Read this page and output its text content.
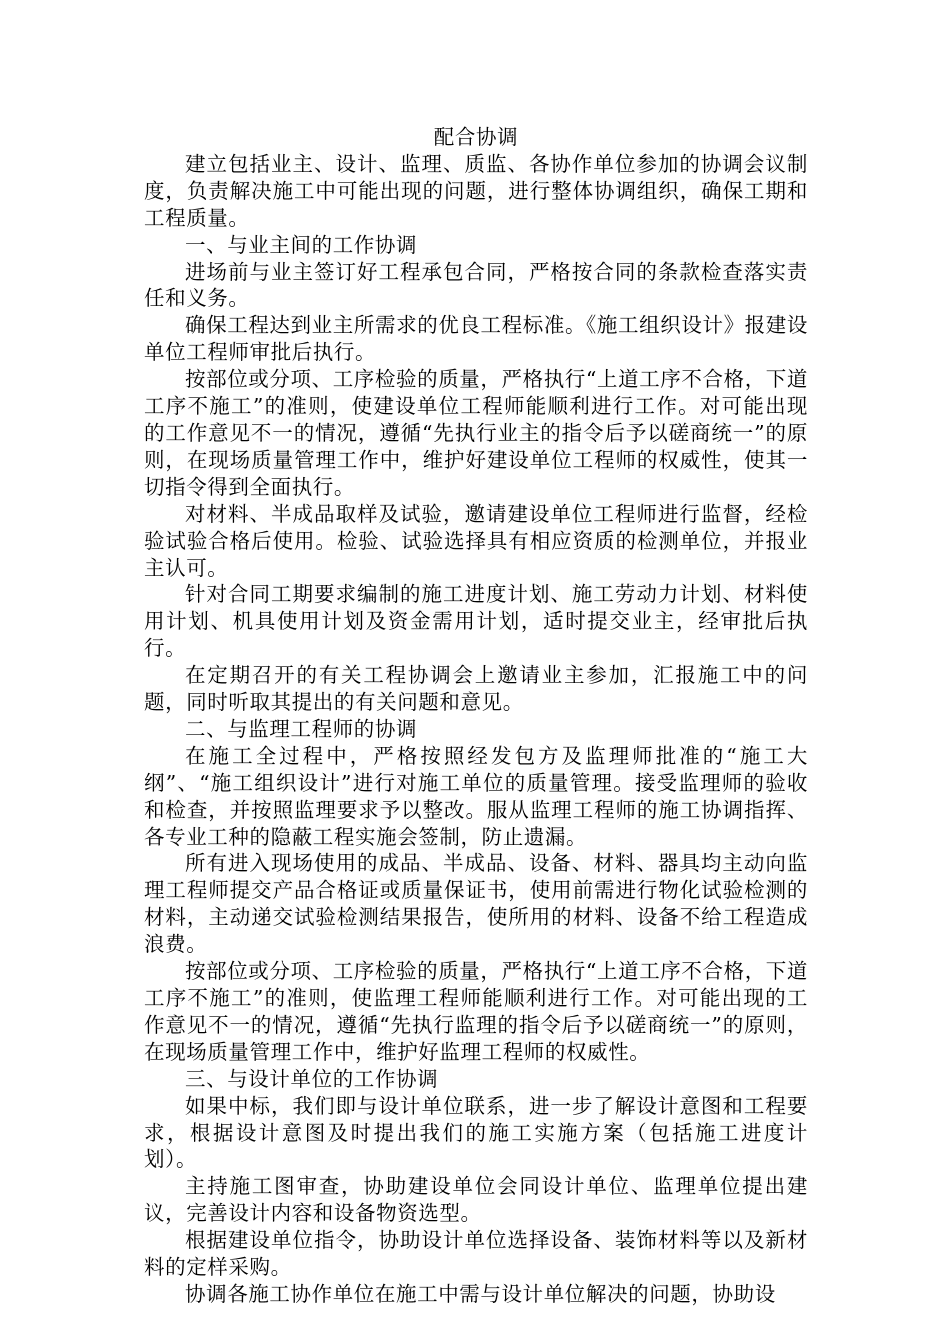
配合协调

建立包括业主、设计、监理、质监、各协作单位参加的协调会议制度，负责解决施工中可能出现的问题，进行整体协调组织，确保工期和工程质量。

一、与业主间的工作协调

进场前与业主签订好工程承包合同，严格按合同的条款检查落实责任和义务。

确保工程达到业主所需求的优良工程标准。《施工组织设计》报建设单位工程师审批后执行。

按部位或分项、工序检验的质量，严格执行“上道工序不合格，下道工序不施工”的准则，使建设单位工程师能顺利进行工作。对可能出现的工作意见不一的情况，遵循“先执行业主的指令后予以磋商统一”的原则，在现场质量管理工作中，维护好建设单位工程师的权威性，使其一切指令得到全面执行。

对材料、半成品取样及试验，邀请建设单位工程师进行监督，经检验试验合格后使用。检验、试验选择具有相应资质的检测单位，并报业主认可。

针对合同工期要求编制的施工进度计划、施工劳动力计划、材料使用计划、机具使用计划及资金需用计划，适时提交业主，经审批后执行。

在定期召开的有关工程协调会上邀请业主参加，汇报施工中的问题，同时听取其提出的有关问题和意见。

二、与监理工程师的协调

在施工全过程中，严格按照经发包方及监理师批准的“施工大纲”、“施工组织设计”进行对施工单位的质量管理。接受监理师的验收和检查，并按照监理要求予以整改。服从监理工程师的施工协调指挥、各专业工种的隐蔽工程实施会签制，防止遗漏。

所有进入现场使用的成品、半成品、设备、材料、器具均主动向监理工程师提交产品合格证或质量保证书，使用前需进行物化试验检测的材料，主动递交试验检测结果报告，使所用的材料、设备不给工程造成浪费。

按部位或分项、工序检验的质量，严格执行“上道工序不合格，下道工序不施工”的准则，使监理工程师能顺利进行工作。对可能出现的工作意见不一的情况，遵循“先执行监理的指令后予以磋商统一”的原则，在现场质量管理工作中，维护好监理工程师的权威性。

三、与设计单位的工作协调

如果中标，我们即与设计单位联系，进一步了解设计意图和工程要求，根据设计意图及时提出我们的施工实施方案（包括施工进度计划）。

主持施工图审查，协助建设单位会同设计单位、监理单位提出建议，完善设计内容和设备物资选型。

根据建设单位指令，协助设计单位选择设备、装饰材料等以及新材料的定样采购。

协调各施工协作单位在施工中需与设计单位解决的问题，协助设
